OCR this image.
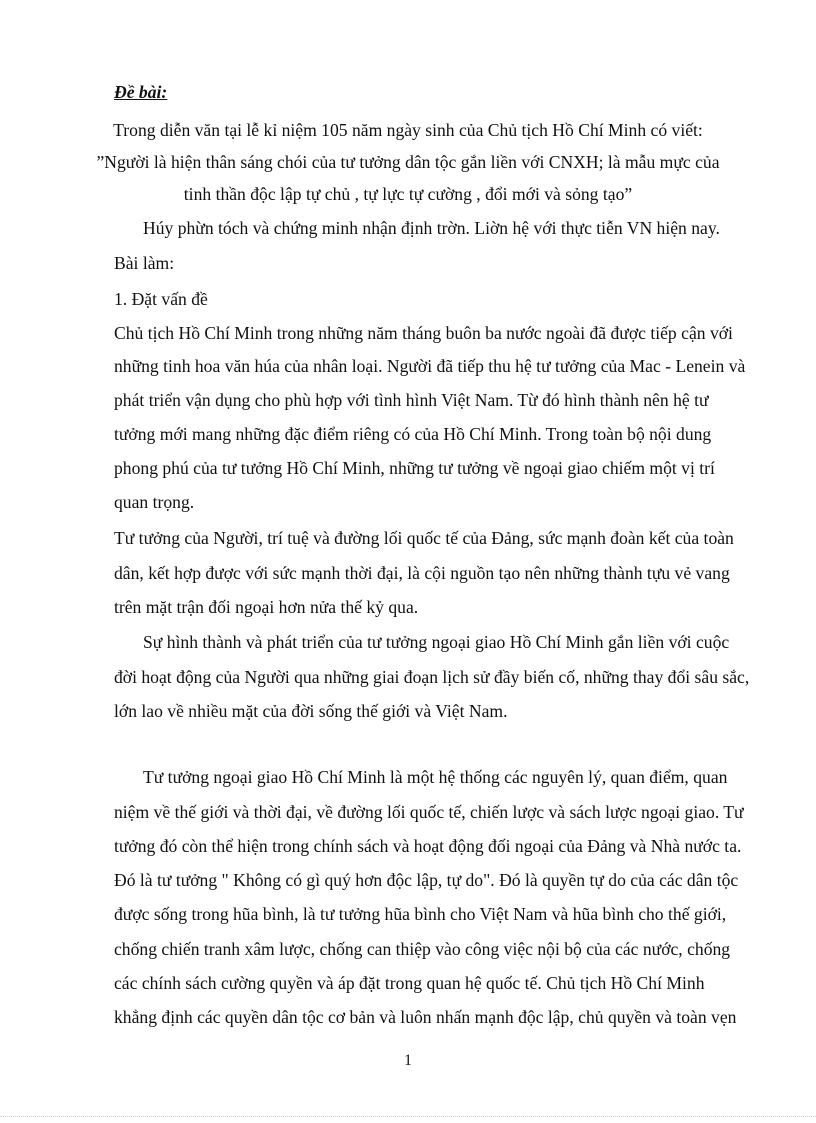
Đề bài:
Trong diễn văn tại lễ kỉ niệm 105 năm ngày sinh của Chủ tịch Hồ Chí Minh có viết:
”Người là hiện thân sáng chói của tư tưởng dân tộc gắn liền với CNXH; là mẫu mực của
tinh thần độc lập tự chủ , tự lực tự cường , đổi mới và sỏng tạo”
Húy phừn tóch và chứng minh nhận định trờn. Liờn hệ với thực tiễn VN hiện nay.
Bài làm:
1. Đặt vấn đề
Chủ tịch Hồ Chí Minh trong những năm tháng buôn ba nước ngoài đã được tiếp cận với
những tinh hoa văn húa của nhân loại. Người đã tiếp thu hệ tư tưởng của Mac - Lenein và
phát triển vận dụng cho phù hợp với tình hình Việt Nam. Từ đó hình thành nên hệ tư
tưởng mới mang những đặc điểm riêng có của Hồ Chí Minh. Trong toàn bộ nội dung
phong phú của tư tưởng Hồ Chí Minh, những tư tưởng về ngoại giao chiếm một vị trí
quan trọng.
Tư tưởng của Người, trí tuệ và đường lối quốc tế của Đảng, sức mạnh đoàn kết của toàn
dân, kết hợp được với sức mạnh thời đại, là cội nguồn tạo nên những thành tựu vẻ vang
trên mặt trận đối ngoại hơn nửa thế kỷ qua.
Sự hình thành và phát triển của tư tưởng ngoại giao Hồ Chí Minh gắn liền với cuộc
đời hoạt động của Người qua những giai đoạn lịch sử đầy biến cố, những thay đổi sâu sắc,
lớn lao về nhiều mặt của đời sống thế giới và Việt Nam.
Tư tưởng ngoại giao Hồ Chí Minh là một hệ thống các nguyên lý, quan điểm, quan
niệm về thế giới và thời đại, về đường lối quốc tế, chiến lược và sách lược ngoại giao. Tư
tưởng đó còn thể hiện trong chính sách và hoạt động đối ngoại của Đảng và Nhà nước ta.
Đó là tư tưởng " Không có gì quý hơn độc lập, tự do". Đó là quyền tự do của các dân tộc
được sống trong hũa bình, là tư tưởng hũa bình cho Việt Nam và hũa bình cho thế giới,
chống chiến tranh xâm lược, chống can thiệp vào công việc nội bộ của các nước, chống
các chính sách cường quyền và áp đặt trong quan hệ quốc tế. Chủ tịch Hồ Chí Minh
khẳng định các quyền dân tộc cơ bản và luôn nhấn mạnh độc lập, chủ quyền và toàn vẹn
1
